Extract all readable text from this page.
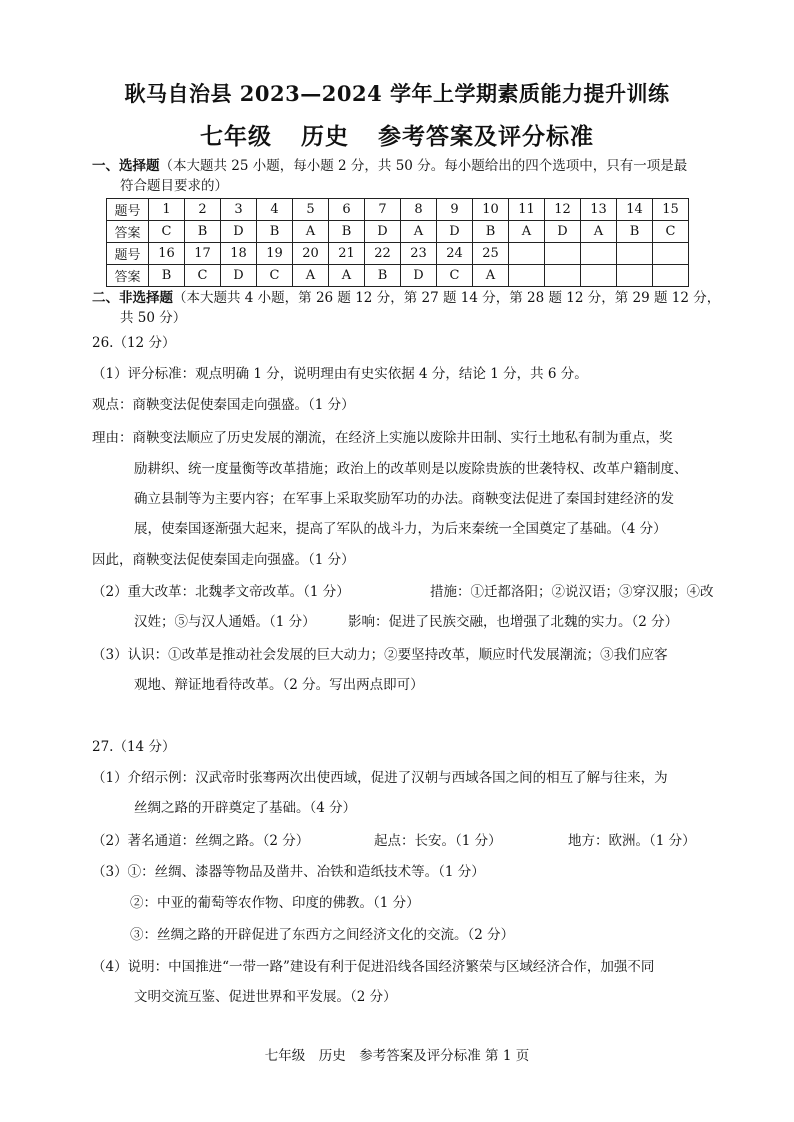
耿马自治县 2023—2024 学年上学期素质能力提升训练
七年级 历史 参考答案及评分标准
一、选择题（本大题共 25 小题，每小题 2 分，共 50 分。每小题给出的四个选项中，只有一项是最
符合题目要求的）
题号	1	2	3	4	5	6	7	8	9	10	11	12	13	14	15
答案	C	B	D	B	A	B	D	A	D	B	A	D	A	B	C
题号	16	17	18	19	20	21	22	23	24	25					
答案	B	C	D	C	A	A	B	D	C	A					
二、非选择题（本大题共 4 小题，第 26 题 12 分，第 27 题 14 分，第 28 题 12 分，第 29 题 12 分，
共 50 分）
26.（12 分）
（1）评分标准：观点明确 1 分，说明理由有史实依据 4 分，结论 1 分，共 6 分。
观点：商鞅变法促使秦国走向强盛。（1 分）
理由：商鞅变法顺应了历史发展的潮流，在经济上实施以废除井田制、实行土地私有制为重点，奖
励耕织、统一度量衡等改革措施；政治上的改革则是以废除贵族的世袭特权、改革户籍制度、
确立县制等为主要内容；在军事上采取奖励军功的办法。商鞅变法促进了秦国封建经济的发
展，使秦国逐渐强大起来，提高了军队的战斗力，为后来秦统一全国奠定了基础。（4 分）
因此，商鞅变法促使秦国走向强盛。（1 分）
（2）重大改革：北魏孝文帝改革。（1 分）	措施：①迁都洛阳；②说汉语；③穿汉服；④改
汉姓；⑤与汉人通婚。（1 分） 影响：促进了民族交融，也增强了北魏的实力。（2 分）
（3）认识：①改革是推动社会发展的巨大动力；②要坚持改革，顺应时代发展潮流；③我们应客
观地、辩证地看待改革。（2 分。写出两点即可）
27.（14 分）
（1）介绍示例：汉武帝时张骞两次出使西域，促进了汉朝与西域各国之间的相互了解与往来，为
丝绸之路的开辟奠定了基础。（4 分）
（2）著名通道：丝绸之路。（2 分）	起点：长安。（1 分）	地方：欧洲。（1 分）
（3）①：丝绸、漆器等物品及凿井、冶铁和造纸技术等。（1 分）
②：中亚的葡萄等农作物、印度的佛教。（1 分）
③：丝绸之路的开辟促进了东西方之间经济文化的交流。（2 分）
（4）说明：中国推进“一带一路”建设有利于促进沿线各国经济繁荣与区域经济合作，加强不同
文明交流互鉴、促进世界和平发展。（2 分）
七年级　历史　参考答案及评分标准 第 1 页
